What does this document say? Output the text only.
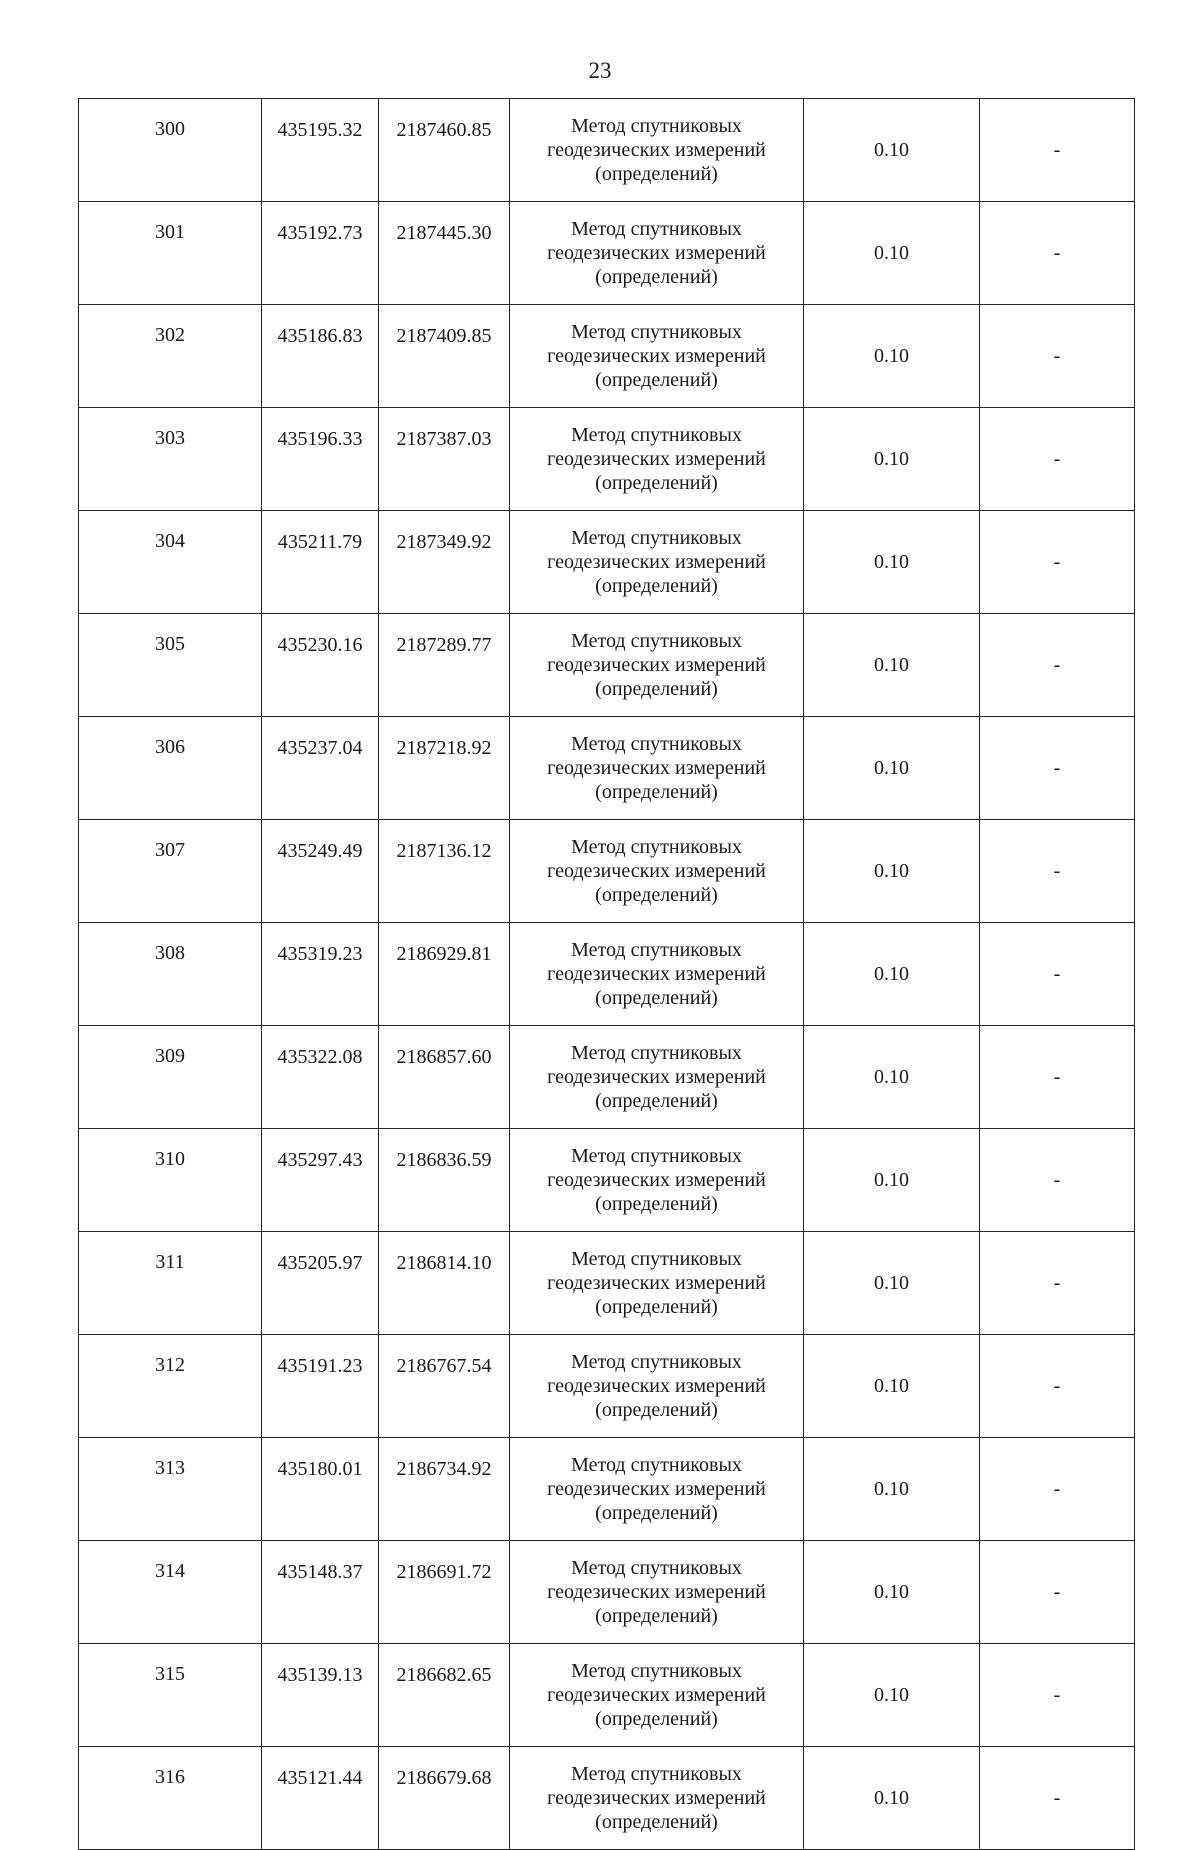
23
300	435195.32	2187460.85	Метод спутниковых
геодезических измерений
(определений)	0.10	-
301	435192.73	2187445.30	Метод спутниковых
геодезических измерений
(определений)	0.10	-
302	435186.83	2187409.85	Метод спутниковых
геодезических измерений
(определений)	0.10	-
303	435196.33	2187387.03	Метод спутниковых
геодезических измерений
(определений)	0.10	-
304	435211.79	2187349.92	Метод спутниковых
геодезических измерений
(определений)	0.10	-
305	435230.16	2187289.77	Метод спутниковых
геодезических измерений
(определений)	0.10	-
306	435237.04	2187218.92	Метод спутниковых
геодезических измерений
(определений)	0.10	-
307	435249.49	2187136.12	Метод спутниковых
геодезических измерений
(определений)	0.10	-
308	435319.23	2186929.81	Метод спутниковых
геодезических измерений
(определений)	0.10	-
309	435322.08	2186857.60	Метод спутниковых
геодезических измерений
(определений)	0.10	-
310	435297.43	2186836.59	Метод спутниковых
геодезических измерений
(определений)	0.10	-
311	435205.97	2186814.10	Метод спутниковых
геодезических измерений
(определений)	0.10	-
312	435191.23	2186767.54	Метод спутниковых
геодезических измерений
(определений)	0.10	-
313	435180.01	2186734.92	Метод спутниковых
геодезических измерений
(определений)	0.10	-
314	435148.37	2186691.72	Метод спутниковых
геодезических измерений
(определений)	0.10	-
315	435139.13	2186682.65	Метод спутниковых
геодезических измерений
(определений)	0.10	-
316	435121.44	2186679.68	Метод спутниковых
геодезических измерений
(определений)	0.10	-
